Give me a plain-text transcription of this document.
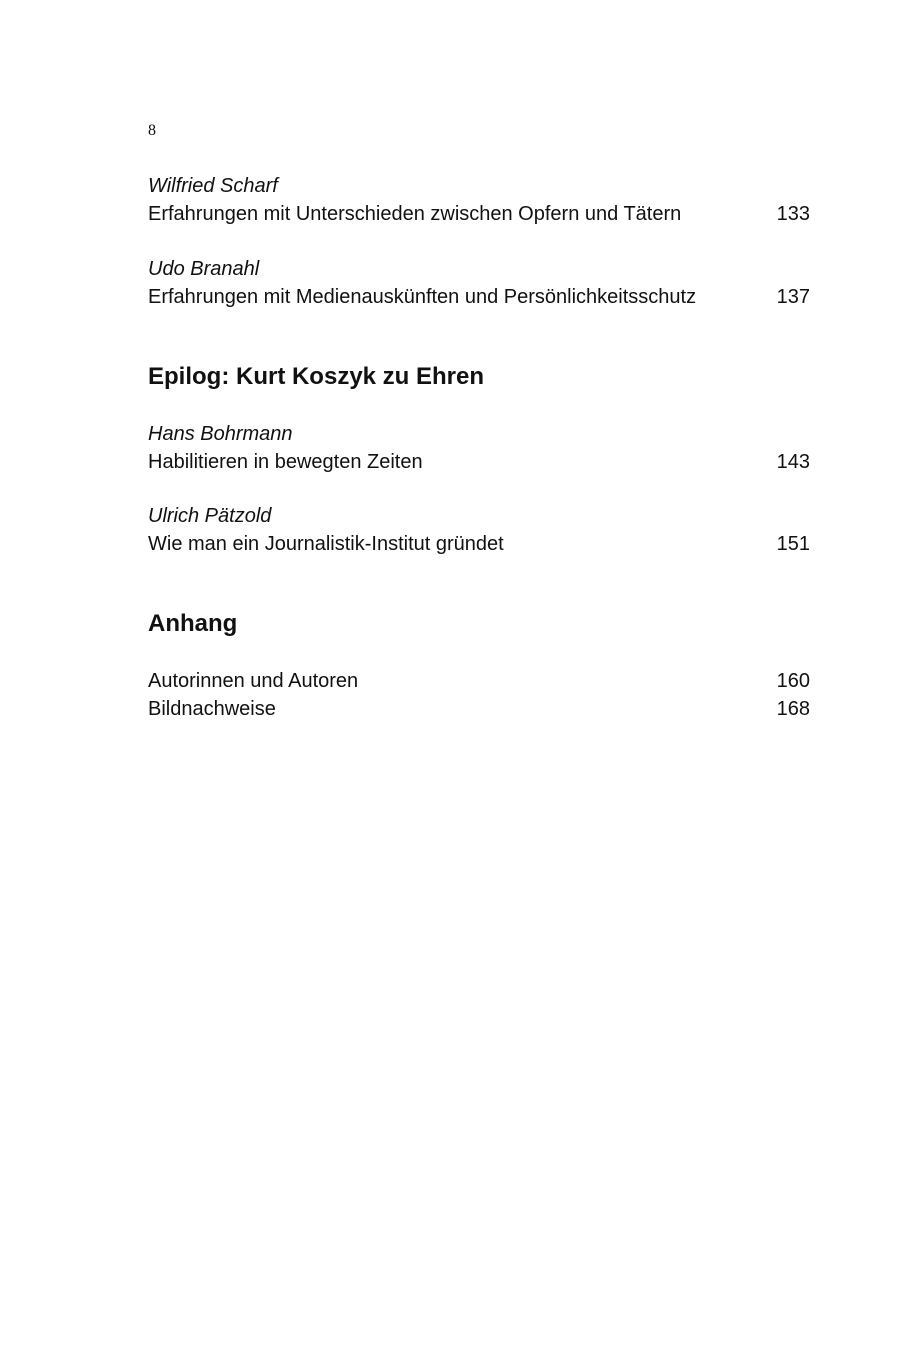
8
Wilfried Scharf
Erfahrungen mit Unterschieden zwischen Opfern und Tätern	133
Udo Branahl
Erfahrungen mit Medienauskünften und Persönlichkeitsschutz	137
Epilog: Kurt Koszyk zu Ehren
Hans Bohrmann
Habilitieren in bewegten Zeiten	143
Ulrich Pätzold
Wie man ein Journalistik-Institut gründet	151
Anhang
Autorinnen und Autoren	160
Bildnachweise	168
